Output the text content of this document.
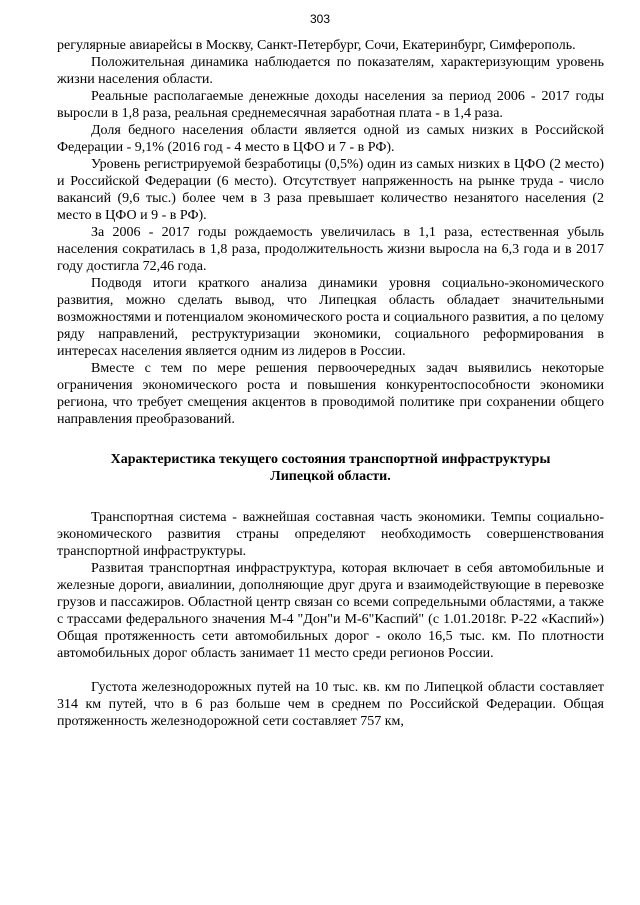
303

регулярные авиарейсы в Москву, Санкт-Петербург, Сочи, Екатеринбург, Симферополь.

Положительная динамика наблюдается по показателям, характеризующим уровень жизни населения области.

Реальные располагаемые денежные доходы населения за период 2006 - 2017 годы выросли в 1,8 раза, реальная среднемесячная заработная плата - в 1,4 раза.

Доля бедного населения области является одной из самых низких в Российской Федерации - 9,1% (2016 год - 4 место в ЦФО и 7 - в РФ).

Уровень регистрируемой безработицы (0,5%) один из самых низких в ЦФО (2 место) и Российской Федерации (6 место). Отсутствует напряженность на рынке труда - число вакансий (9,6 тыс.) более чем в 3 раза превышает количество незанятого населения (2 место в ЦФО и 9 - в РФ).

За 2006 - 2017 годы рождаемость увеличилась в 1,1 раза, естественная убыль населения сократилась в 1,8 раза, продолжительность жизни выросла на 6,3 года и в 2017 году достигла 72,46 года.

Подводя итоги краткого анализа динамики уровня социально-экономического развития, можно сделать вывод, что Липецкая область обладает значительными возможностями и потенциалом экономического роста и социального развития, а по целому ряду направлений, реструктуризации экономики, социального реформирования в интересах населения является одним из лидеров в России.

Вместе с тем по мере решения первоочередных задач выявились некоторые ограничения экономического роста и повышения конкурентоспособности экономики региона, что требует смещения акцентов в проводимой политике при сохранении общего направления преобразований.

Характеристика текущего состояния транспортной инфраструктуры
Липецкой области.

Транспортная система - важнейшая составная часть экономики. Темпы социально-экономического развития страны определяют необходимость совершенствования транспортной инфраструктуры.

Развитая транспортная инфраструктура, которая включает в себя автомобильные и железные дороги, авиалинии, дополняющие друг друга и взаимодействующие в перевозке грузов и пассажиров. Областной центр связан со всеми сопредельными областями, а также с трассами федерального значения М-4 "Дон"и М-6"Каспий" (с 1.01.2018г. Р-22 «Каспий») Общая протяженность сети автомобильных дорог - около 16,5 тыс. км. По плотности автомобильных дорог область занимает 11 место среди регионов России.

Густота железнодорожных путей на 10 тыс. кв. км по Липецкой области составляет 314 км путей, что в 6 раз больше чем в среднем по Российской Федерации. Общая протяженность железнодорожной сети составляет 757 км,
